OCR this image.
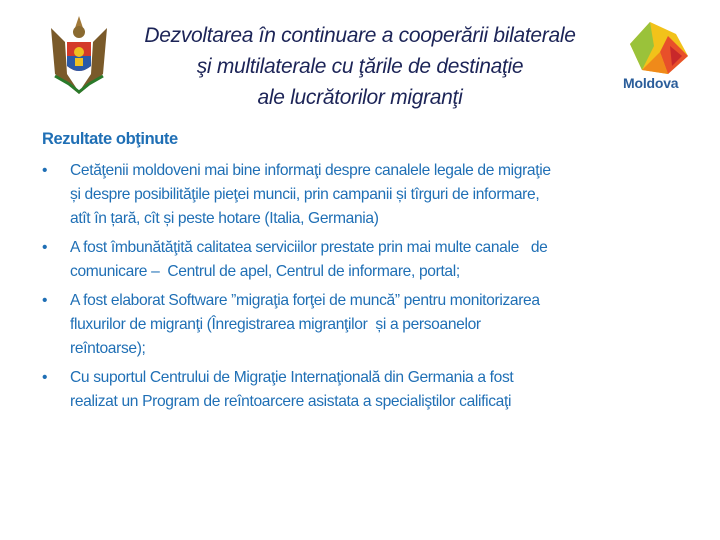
Dezvoltarea în continuare a cooperării bilaterale
şi multilaterale cu ţările de destinaţie
ale lucrătorilor migranţi
Moldova
Rezultate obţinute
• Cetăţenii moldoveni mai bine informaţi despre canalele legale de migraţie
și despre posibilităţile pieţei muncii, prin campanii și tîrguri de informare,
atît în țară, cît și peste hotare (Italia, Germania)
• A fost îmbunătăţită calitatea serviciilor prestate prin mai multe canale   de
comunicare –  Centrul de apel, Centrul de informare, portal;
• A fost elaborat Software ”migraţia forţei de muncă” pentru monitorizarea
fluxurilor de migranţi (Înregistrarea migranţilor  și a persoanelor
reîntoarse);
• Cu suportul Centrului de Migraţie Internaţională din Germania a fost
realizat un Program de reîntoarcere asistata a specialiştilor calificaţi
